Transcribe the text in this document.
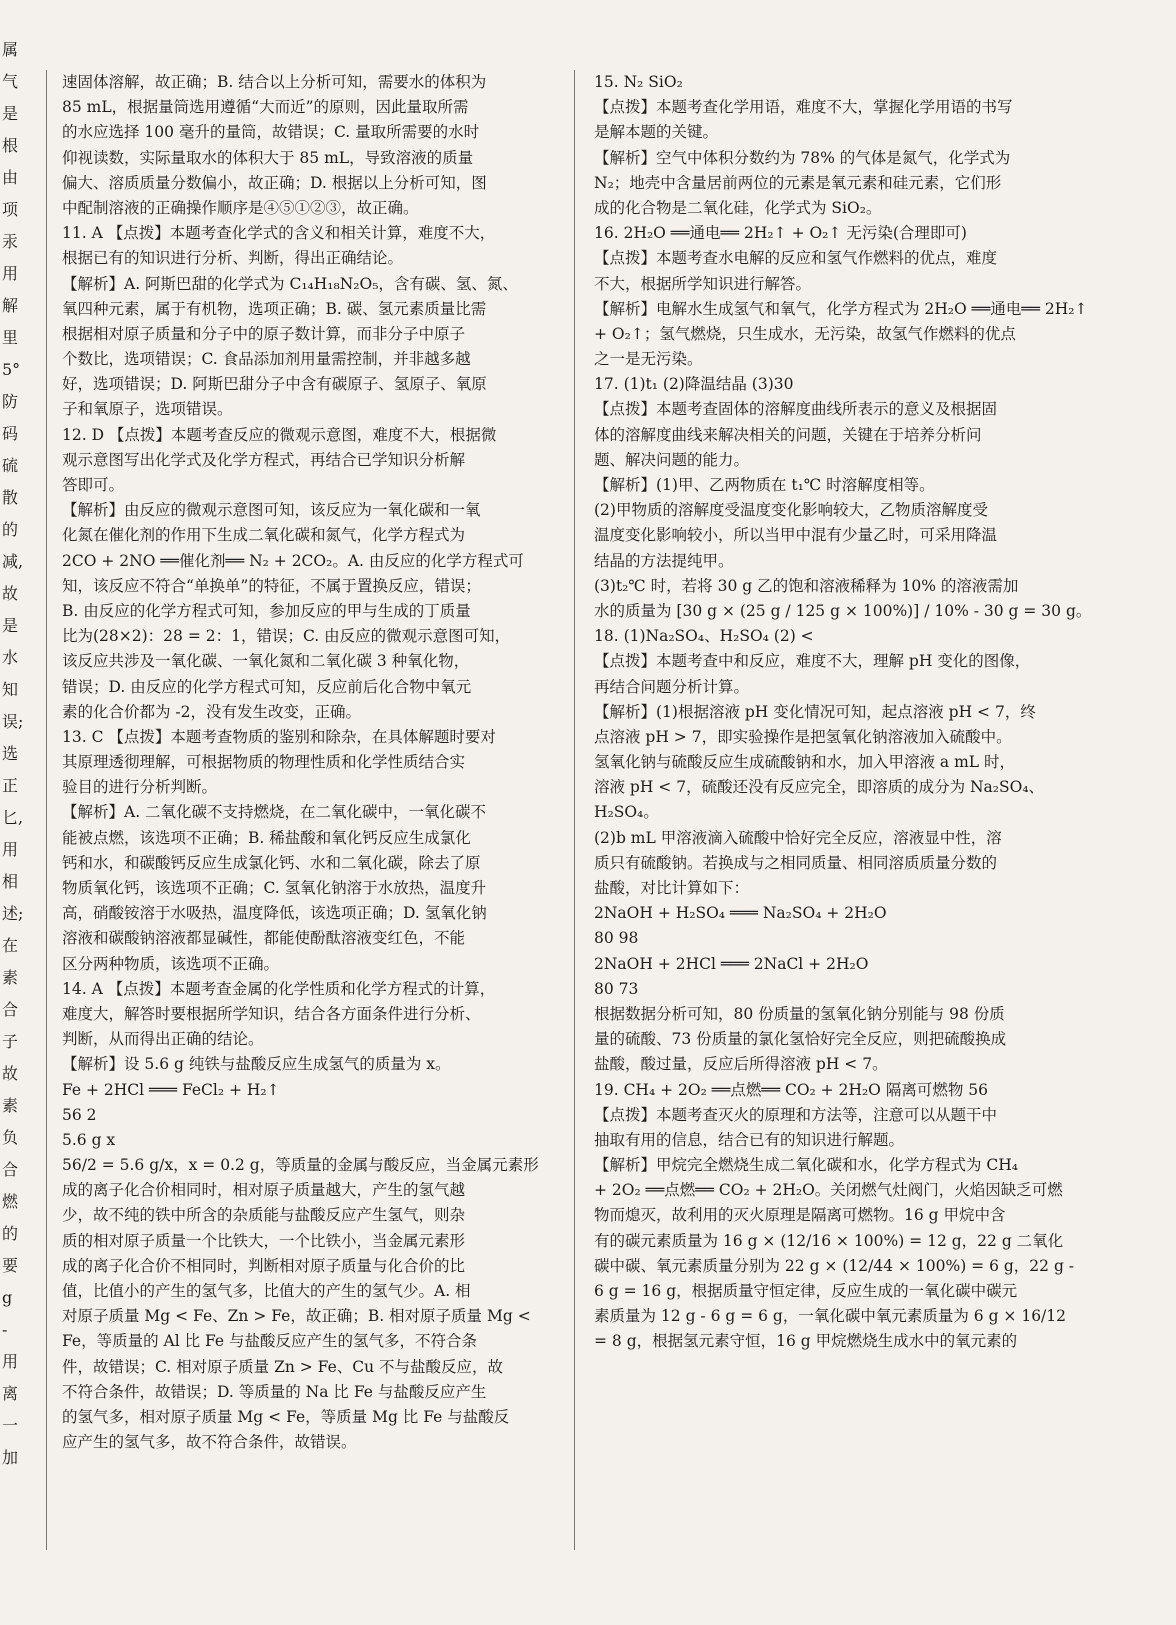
属
气
是
根
由
项
汞
用
解
里
5°
防
码
硫
散
的
减,
故
是
水
知
误;
选
正
匕,
用
相
述;
在
素
合
子
故
素
负
合
燃
的
要
g
-
用
离
一
加
速固体溶解，故正确；B. 结合以上分析可知，需要水的体积为
85 mL，根据量筒选用遵循“大而近”的原则，因此量取所需
的水应选择 100 毫升的量筒，故错误；C. 量取所需要的水时
仰视读数，实际量取水的体积大于 85 mL，导致溶液的质量
偏大、溶质质量分数偏小，故正确；D. 根据以上分析可知，图
中配制溶液的正确操作顺序是④⑤①②③，故正确。
11. A 【点拨】本题考查化学式的含义和相关计算，难度不大，
根据已有的知识进行分析、判断，得出正确结论。
【解析】A. 阿斯巴甜的化学式为 C₁₄H₁₈N₂O₅，含有碳、氢、氮、
氧四种元素，属于有机物，选项正确；B. 碳、氢元素质量比需
根据相对原子质量和分子中的原子数计算，而非分子中原子
个数比，选项错误；C. 食品添加剂用量需控制，并非越多越
好，选项错误；D. 阿斯巴甜分子中含有碳原子、氢原子、氧原
子和氧原子，选项错误。
12. D 【点拨】本题考查反应的微观示意图，难度不大，根据微
观示意图写出化学式及化学方程式，再结合已学知识分析解
答即可。
【解析】由反应的微观示意图可知，该反应为一氧化碳和一氧
化氮在催化剂的作用下生成二氧化碳和氮气，化学方程式为
2CO + 2NO ══催化剂══ N₂ + 2CO₂。A. 由反应的化学方程式可
知，该反应不符合“单换单”的特征，不属于置换反应，错误；
B. 由反应的化学方程式可知，参加反应的甲与生成的丁质量
比为(28×2)：28 = 2：1，错误；C. 由反应的微观示意图可知，
该反应共涉及一氧化碳、一氧化氮和二氧化碳 3 种氧化物，
错误；D. 由反应的化学方程式可知，反应前后化合物中氧元
素的化合价都为 -2，没有发生改变，正确。
13. C 【点拨】本题考查物质的鉴别和除杂，在具体解题时要对
其原理透彻理解，可根据物质的物理性质和化学性质结合实
验目的进行分析判断。
【解析】A. 二氧化碳不支持燃烧，在二氧化碳中，一氧化碳不
能被点燃，该选项不正确；B. 稀盐酸和氧化钙反应生成氯化
钙和水，和碳酸钙反应生成氯化钙、水和二氧化碳，除去了原
物质氧化钙，该选项不正确；C. 氢氧化钠溶于水放热，温度升
高，硝酸铵溶于水吸热，温度降低，该选项正确；D. 氢氧化钠
溶液和碳酸钠溶液都显碱性，都能使酚酞溶液变红色，不能
区分两种物质，该选项不正确。
14. A 【点拨】本题考查金属的化学性质和化学方程式的计算，
难度大，解答时要根据所学知识，结合各方面条件进行分析、
判断，从而得出正确的结论。
【解析】设 5.6 g 纯铁与盐酸反应生成氢气的质量为 x。
Fe + 2HCl ═══ FeCl₂ + H₂↑
56 2
5.6 g x
56/2 = 5.6 g/x，x = 0.2 g，等质量的金属与酸反应，当金属元素形
成的离子化合价相同时，相对原子质量越大，产生的氢气越
少，故不纯的铁中所含的杂质能与盐酸反应产生氢气，则杂
质的相对原子质量一个比铁大，一个比铁小，当金属元素形
成的离子化合价不相同时，判断相对原子质量与化合价的比
值，比值小的产生的氢气多，比值大的产生的氢气少。A. 相
对原子质量 Mg < Fe、Zn > Fe，故正确；B. 相对原子质量 Mg <
Fe，等质量的 Al 比 Fe 与盐酸反应产生的氢气多，不符合条
件，故错误；C. 相对原子质量 Zn > Fe、Cu 不与盐酸反应，故
不符合条件，故错误；D. 等质量的 Na 比 Fe 与盐酸反应产生
的氢气多，相对原子质量 Mg < Fe，等质量 Mg 比 Fe 与盐酸反
应产生的氢气多，故不符合条件，故错误。
15. N₂ SiO₂
【点拨】本题考查化学用语，难度不大，掌握化学用语的书写
是解本题的关键。
【解析】空气中体积分数约为 78% 的气体是氮气，化学式为
N₂；地壳中含量居前两位的元素是氧元素和硅元素，它们形
成的化合物是二氧化硅，化学式为 SiO₂。
16. 2H₂O ══通电══ 2H₂↑ + O₂↑ 无污染(合理即可)
【点拨】本题考查水电解的反应和氢气作燃料的优点，难度
不大，根据所学知识进行解答。
【解析】电解水生成氢气和氧气，化学方程式为 2H₂O ══通电══ 2H₂↑
+ O₂↑；氢气燃烧，只生成水，无污染，故氢气作燃料的优点
之一是无污染。
17. (1)t₁ (2)降温结晶 (3)30
【点拨】本题考查固体的溶解度曲线所表示的意义及根据固
体的溶解度曲线来解决相关的问题，关键在于培养分析问
题、解决问题的能力。
【解析】(1)甲、乙两物质在 t₁℃ 时溶解度相等。
(2)甲物质的溶解度受温度变化影响较大，乙物质溶解度受
温度变化影响较小，所以当甲中混有少量乙时，可采用降温
结晶的方法提纯甲。
(3)t₂℃ 时，若将 30 g 乙的饱和溶液稀释为 10% 的溶液需加
水的质量为 [30 g × (25 g / 125 g × 100%)] / 10% - 30 g = 30 g。
18. (1)Na₂SO₄、H₂SO₄ (2) <
【点拨】本题考查中和反应，难度不大，理解 pH 变化的图像，
再结合问题分析计算。
【解析】(1)根据溶液 pH 变化情况可知，起点溶液 pH < 7，终
点溶液 pH > 7，即实验操作是把氢氧化钠溶液加入硫酸中。
氢氧化钠与硫酸反应生成硫酸钠和水，加入甲溶液 a mL 时，
溶液 pH < 7，硫酸还没有反应完全，即溶质的成分为 Na₂SO₄、
H₂SO₄。
(2)b mL 甲溶液滴入硫酸中恰好完全反应，溶液显中性，溶
质只有硫酸钠。若换成与之相同质量、相同溶质质量分数的
盐酸，对比计算如下：
2NaOH + H₂SO₄ ═══ Na₂SO₄ + 2H₂O
80 98
2NaOH + 2HCl ═══ 2NaCl + 2H₂O
80 73
根据数据分析可知，80 份质量的氢氧化钠分别能与 98 份质
量的硫酸、73 份质量的氯化氢恰好完全反应，则把硫酸换成
盐酸，酸过量，反应后所得溶液 pH < 7。
19. CH₄ + 2O₂ ══点燃══ CO₂ + 2H₂O 隔离可燃物 56
【点拨】本题考查灭火的原理和方法等，注意可以从题干中
抽取有用的信息，结合已有的知识进行解题。
【解析】甲烷完全燃烧生成二氧化碳和水，化学方程式为 CH₄
+ 2O₂ ══点燃══ CO₂ + 2H₂O。关闭燃气灶阀门，火焰因缺乏可燃
物而熄灭，故利用的灭火原理是隔离可燃物。16 g 甲烷中含
有的碳元素质量为 16 g × (12/16 × 100%) = 12 g，22 g 二氧化
碳中碳、氧元素质量分别为 22 g × (12/44 × 100%) = 6 g，22 g -
6 g = 16 g，根据质量守恒定律，反应生成的一氧化碳中碳元
素质量为 12 g - 6 g = 6 g，一氧化碳中氧元素质量为 6 g × 16/12
= 8 g，根据氢元素守恒，16 g 甲烷燃烧生成水中的氧元素的
